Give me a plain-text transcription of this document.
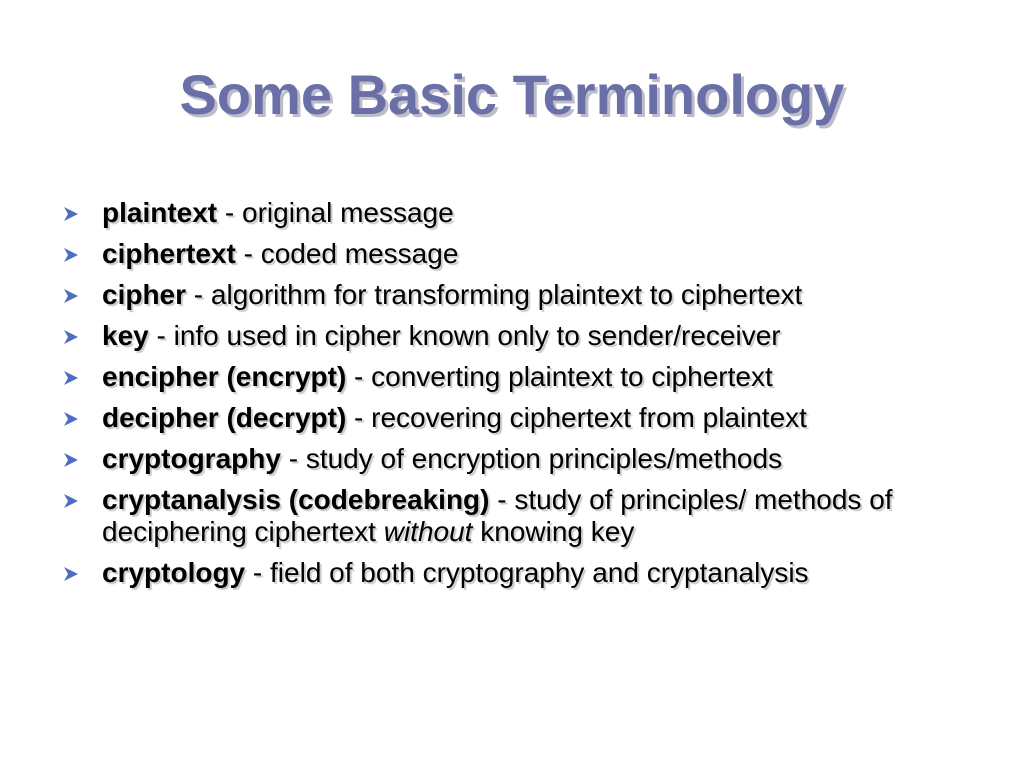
Some Basic Terminology
plaintext - original message
ciphertext - coded message
cipher - algorithm for transforming plaintext to ciphertext
key - info used in cipher known only to sender/receiver
encipher (encrypt) - converting plaintext to ciphertext
decipher (decrypt) - recovering ciphertext from plaintext
cryptography - study of encryption principles/methods
cryptanalysis (codebreaking) - study of principles/ methods of deciphering ciphertext without knowing key
cryptology - field of both cryptography and cryptanalysis
